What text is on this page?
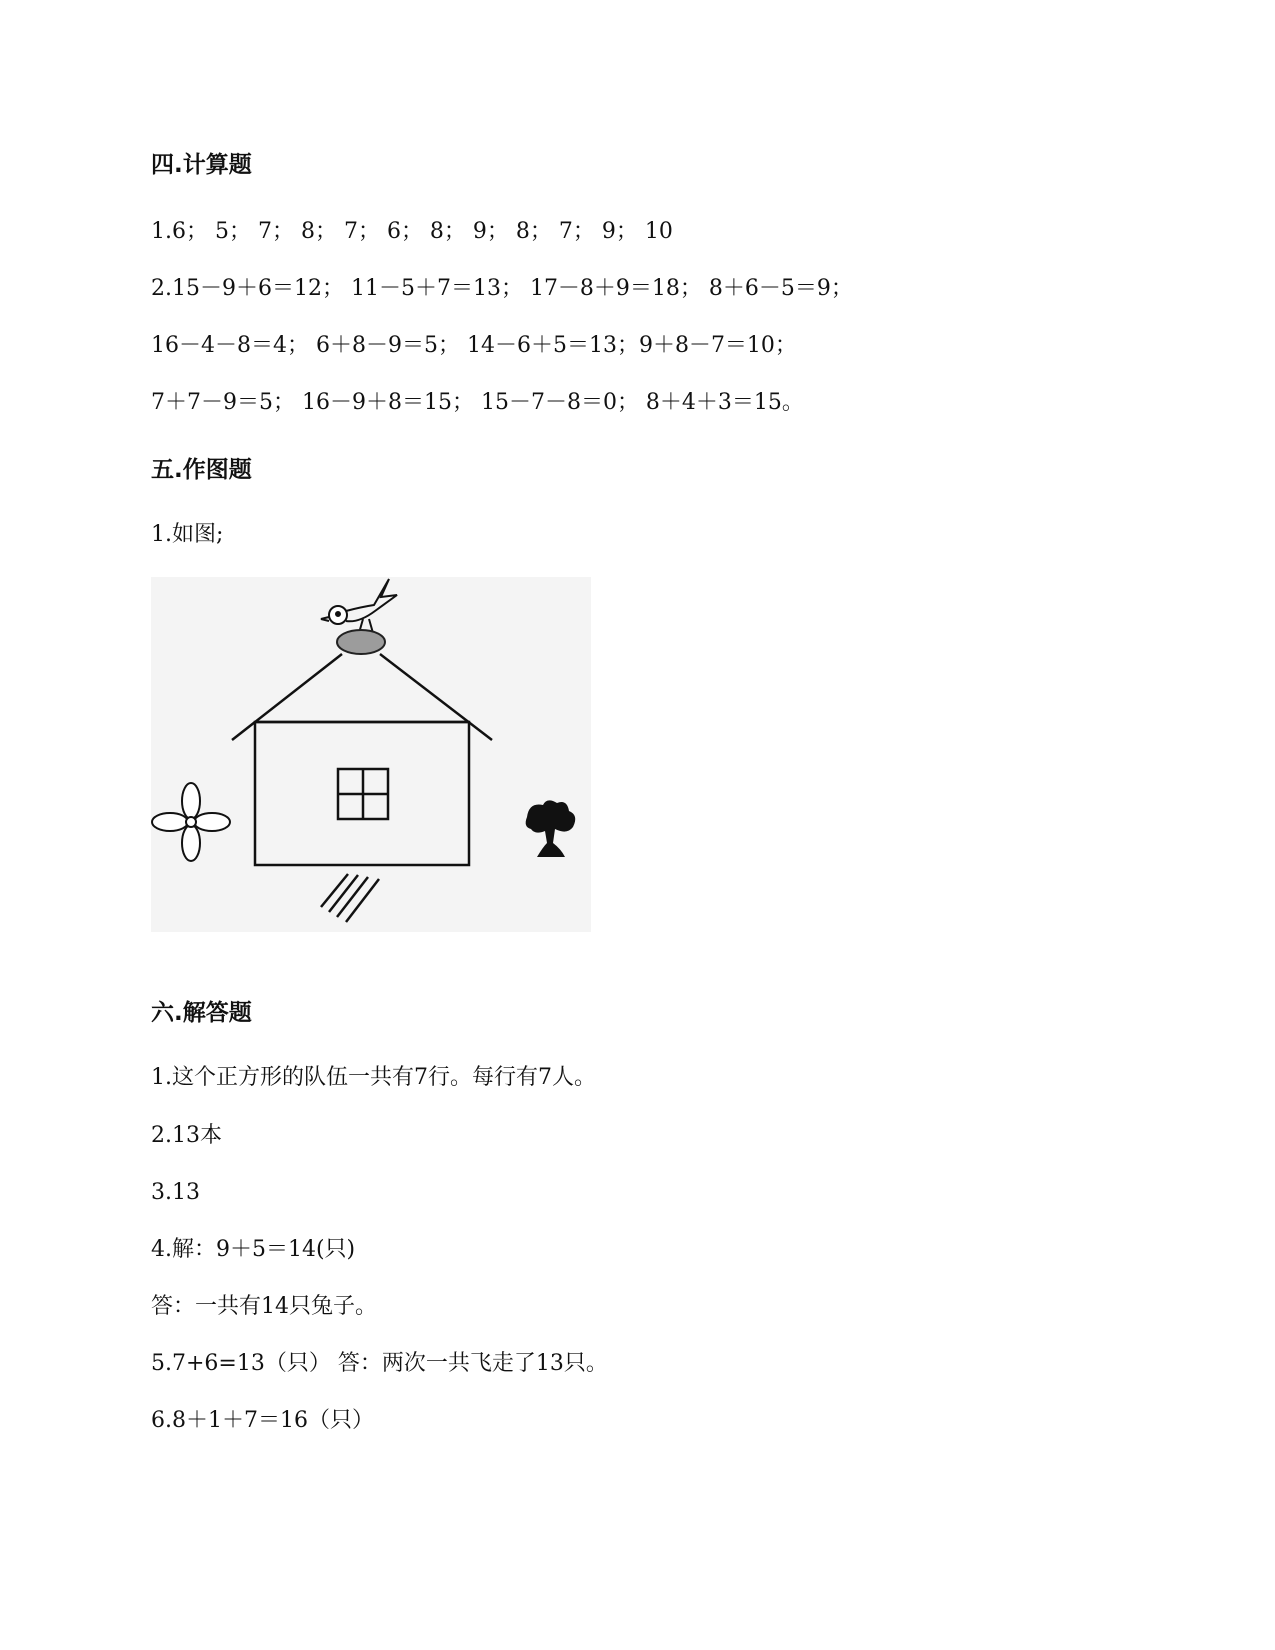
四.计算题
1.6； 5； 7； 8； 7； 6； 8； 9； 8； 7； 9； 10
2.15－9＋6＝12； 11－5＋7＝13； 17－8＋9＝18； 8＋6－5＝9；
16－4－8＝4； 6＋8－9＝5； 14－6＋5＝13；9＋8－7＝10；
7＋7－9＝5； 16－9＋8＝15； 15－7－8＝0； 8＋4＋3＝15。
五.作图题
1.如图;
六.解答题
1.这个正方形的队伍一共有7行。每行有7人。
2.13本
3.13
4.解：9＋5＝14(只)
答：一共有14只兔子。
5.7+6=13（只） 答：两次一共飞走了13只。
6.8＋1＋7＝16（只）
